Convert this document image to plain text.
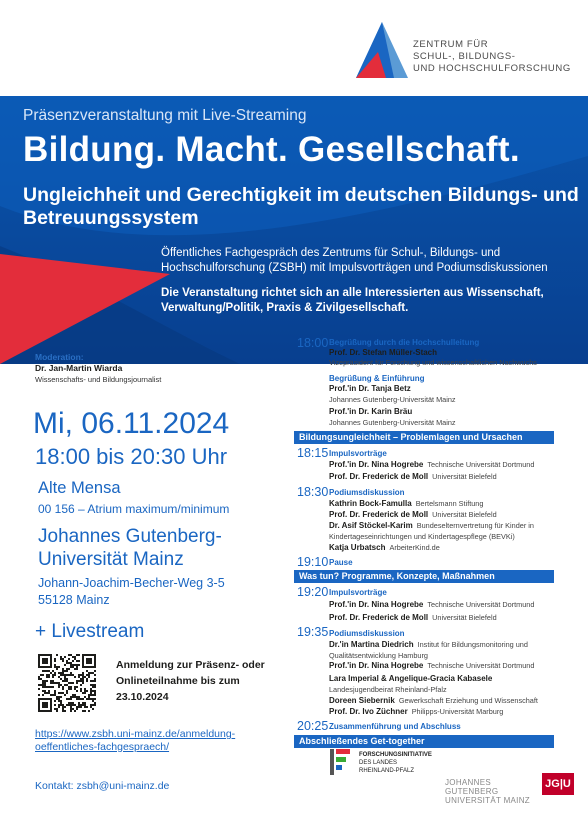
ZENTRUM FÜR
SCHUL-, BILDUNGS-
UND HOCHSCHULFORSCHUNG
Präsenzveranstaltung mit Live-Streaming
Bildung. Macht. Gesellschaft.
Ungleichheit und Gerechtigkeit im deutschen Bildungs- und Betreuungssystem
Öffentliches Fachgespräch des Zentrums für Schul-, Bildungs- und Hochschulforschung (ZSBH) mit Impulsvorträgen und Podiumsdiskussionen
Die Veranstaltung richtet sich an alle Interessierten aus Wissenschaft, Verwaltung/Politik, Praxis & Zivilgesellschaft.
Moderation:
Dr. Jan-Martin Wiarda
Wissenschafts- und Bildungsjournalist
Mi, 06.11.2024
18:00 bis 20:30 Uhr
Alte Mensa
00 156 – Atrium maximum/minimum
Johannes Gutenberg-Universität Mainz
Johann-Joachim-Becher-Weg 3-5
55128 Mainz
+ Livestream
Anmeldung zur Präsenz- oder Onlineteilnahme bis zum 23.10.2024
https://www.zsbh.uni-mainz.de/anmeldung-
oeffentliches-fachgespraech/
Kontakt: zsbh@uni-mainz.de
18:00 Begrüßung durch die Hochschulleitung
Prof. Dr. Stefan Müller-Stach
Vizepräsident für Forschung und wissenschaftlichen Nachwuchs
Begrüßung & Einführung
Prof.'in Dr. Tanja Betz
Johannes Gutenberg-Universität Mainz
Prof.'in Dr. Karin Bräu
Johannes Gutenberg-Universität Mainz
Bildungsungleichheit – Problemlagen und Ursachen
18:15 Impulsvorträge
Prof.'in Dr. Nina Hogrebe Technische Universität Dortmund
Prof. Dr. Frederick de Moll Universität Bielefeld
18:30 Podiumsdiskussion
Kathrin Bock-Famulla Bertelsmann Stiftung
Prof. Dr. Frederick de Moll Universität Bielefeld
Dr. Asif Stöckel-Karim Bundeselternvertretung für Kinder in
Kindertageseinrichtungen und Kindertagespflege (BEVKi)
Katja Urbatsch ArbeiterKind.de
19:10 Pause
Was tun? Programme, Konzepte, Maßnahmen
19:20 Impulsvorträge
Prof.'in Dr. Nina Hogrebe Technische Universität Dortmund
Prof. Dr. Frederick de Moll Universität Bielefeld
19:35 Podiumsdiskussion
Dr.'in Martina Diedrich Institut für Bildungsmonitoring und
Qualitätsentwicklung Hamburg
Prof.'in Dr. Nina Hogrebe Technische Universität Dortmund
Lara Imperial & Angelique-Gracia Kabasele
Landesjugendbeirat Rheinland-Pfalz
Doreen Siebernik Gewerkschaft Erziehung und Wissenschaft
Prof. Dr. Ivo Züchner Philipps-Universität Marburg
20:25 Zusammenführung und Abschluss
Abschließendes Get-together
FORSCHUNGSINITIATIVE
DES LANDES
RHEINLAND-PFALZ
JOHANNES GUTENBERG
UNIVERSITÄT MAINZ
JG|U
